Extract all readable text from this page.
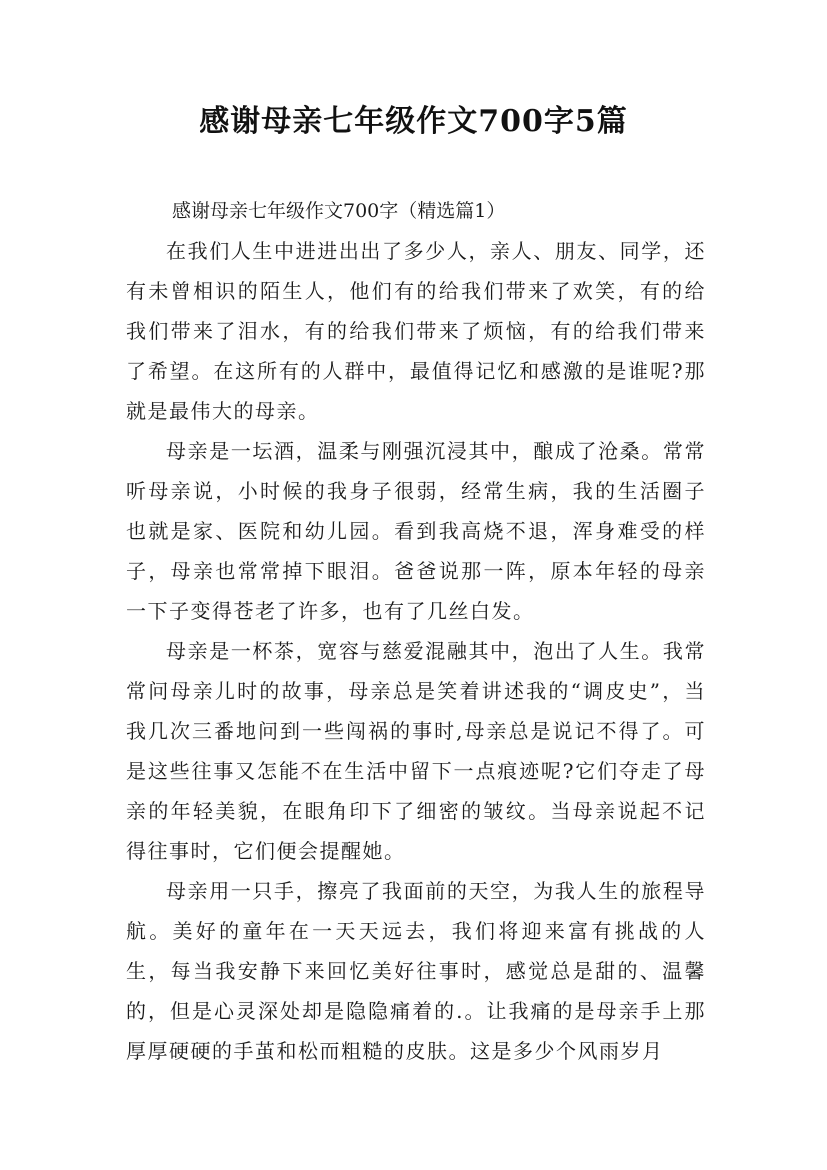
感谢母亲七年级作文700字5篇
感谢母亲七年级作文700字（精选篇1）

在我们人生中进进出出了多少人，亲人、朋友、同学，还有未曾相识的陌生人，他们有的给我们带来了欢笑，有的给我们带来了泪水，有的给我们带来了烦恼，有的给我们带来了希望。在这所有的人群中，最值得记忆和感激的是谁呢?那就是最伟大的母亲。

母亲是一坛酒，温柔与刚强沉浸其中，酿成了沧桑。常常听母亲说，小时候的我身子很弱，经常生病，我的生活圈子也就是家、医院和幼儿园。看到我高烧不退，浑身难受的样子，母亲也常常掉下眼泪。爸爸说那一阵，原本年轻的母亲一下子变得苍老了许多，也有了几丝白发。

母亲是一杯茶，宽容与慈爱混融其中，泡出了人生。我常常问母亲儿时的故事，母亲总是笑着讲述我的“调皮史”，当我几次三番地问到一些闯祸的事时,母亲总是说记不得了。可是这些往事又怎能不在生活中留下一点痕迹呢?它们夺走了母亲的年轻美貌，在眼角印下了细密的皱纹。当母亲说起不记得往事时，它们便会提醒她。

母亲用一只手，擦亮了我面前的天空，为我人生的旅程导航。美好的童年在一天天远去，我们将迎来富有挑战的人生，每当我安静下来回忆美好往事时，感觉总是甜的、温馨的，但是心灵深处却是隐隐痛着的.。让我痛的是母亲手上那厚厚硬硬的手茧和松而粗糙的皮肤。这是多少个风雨岁月
